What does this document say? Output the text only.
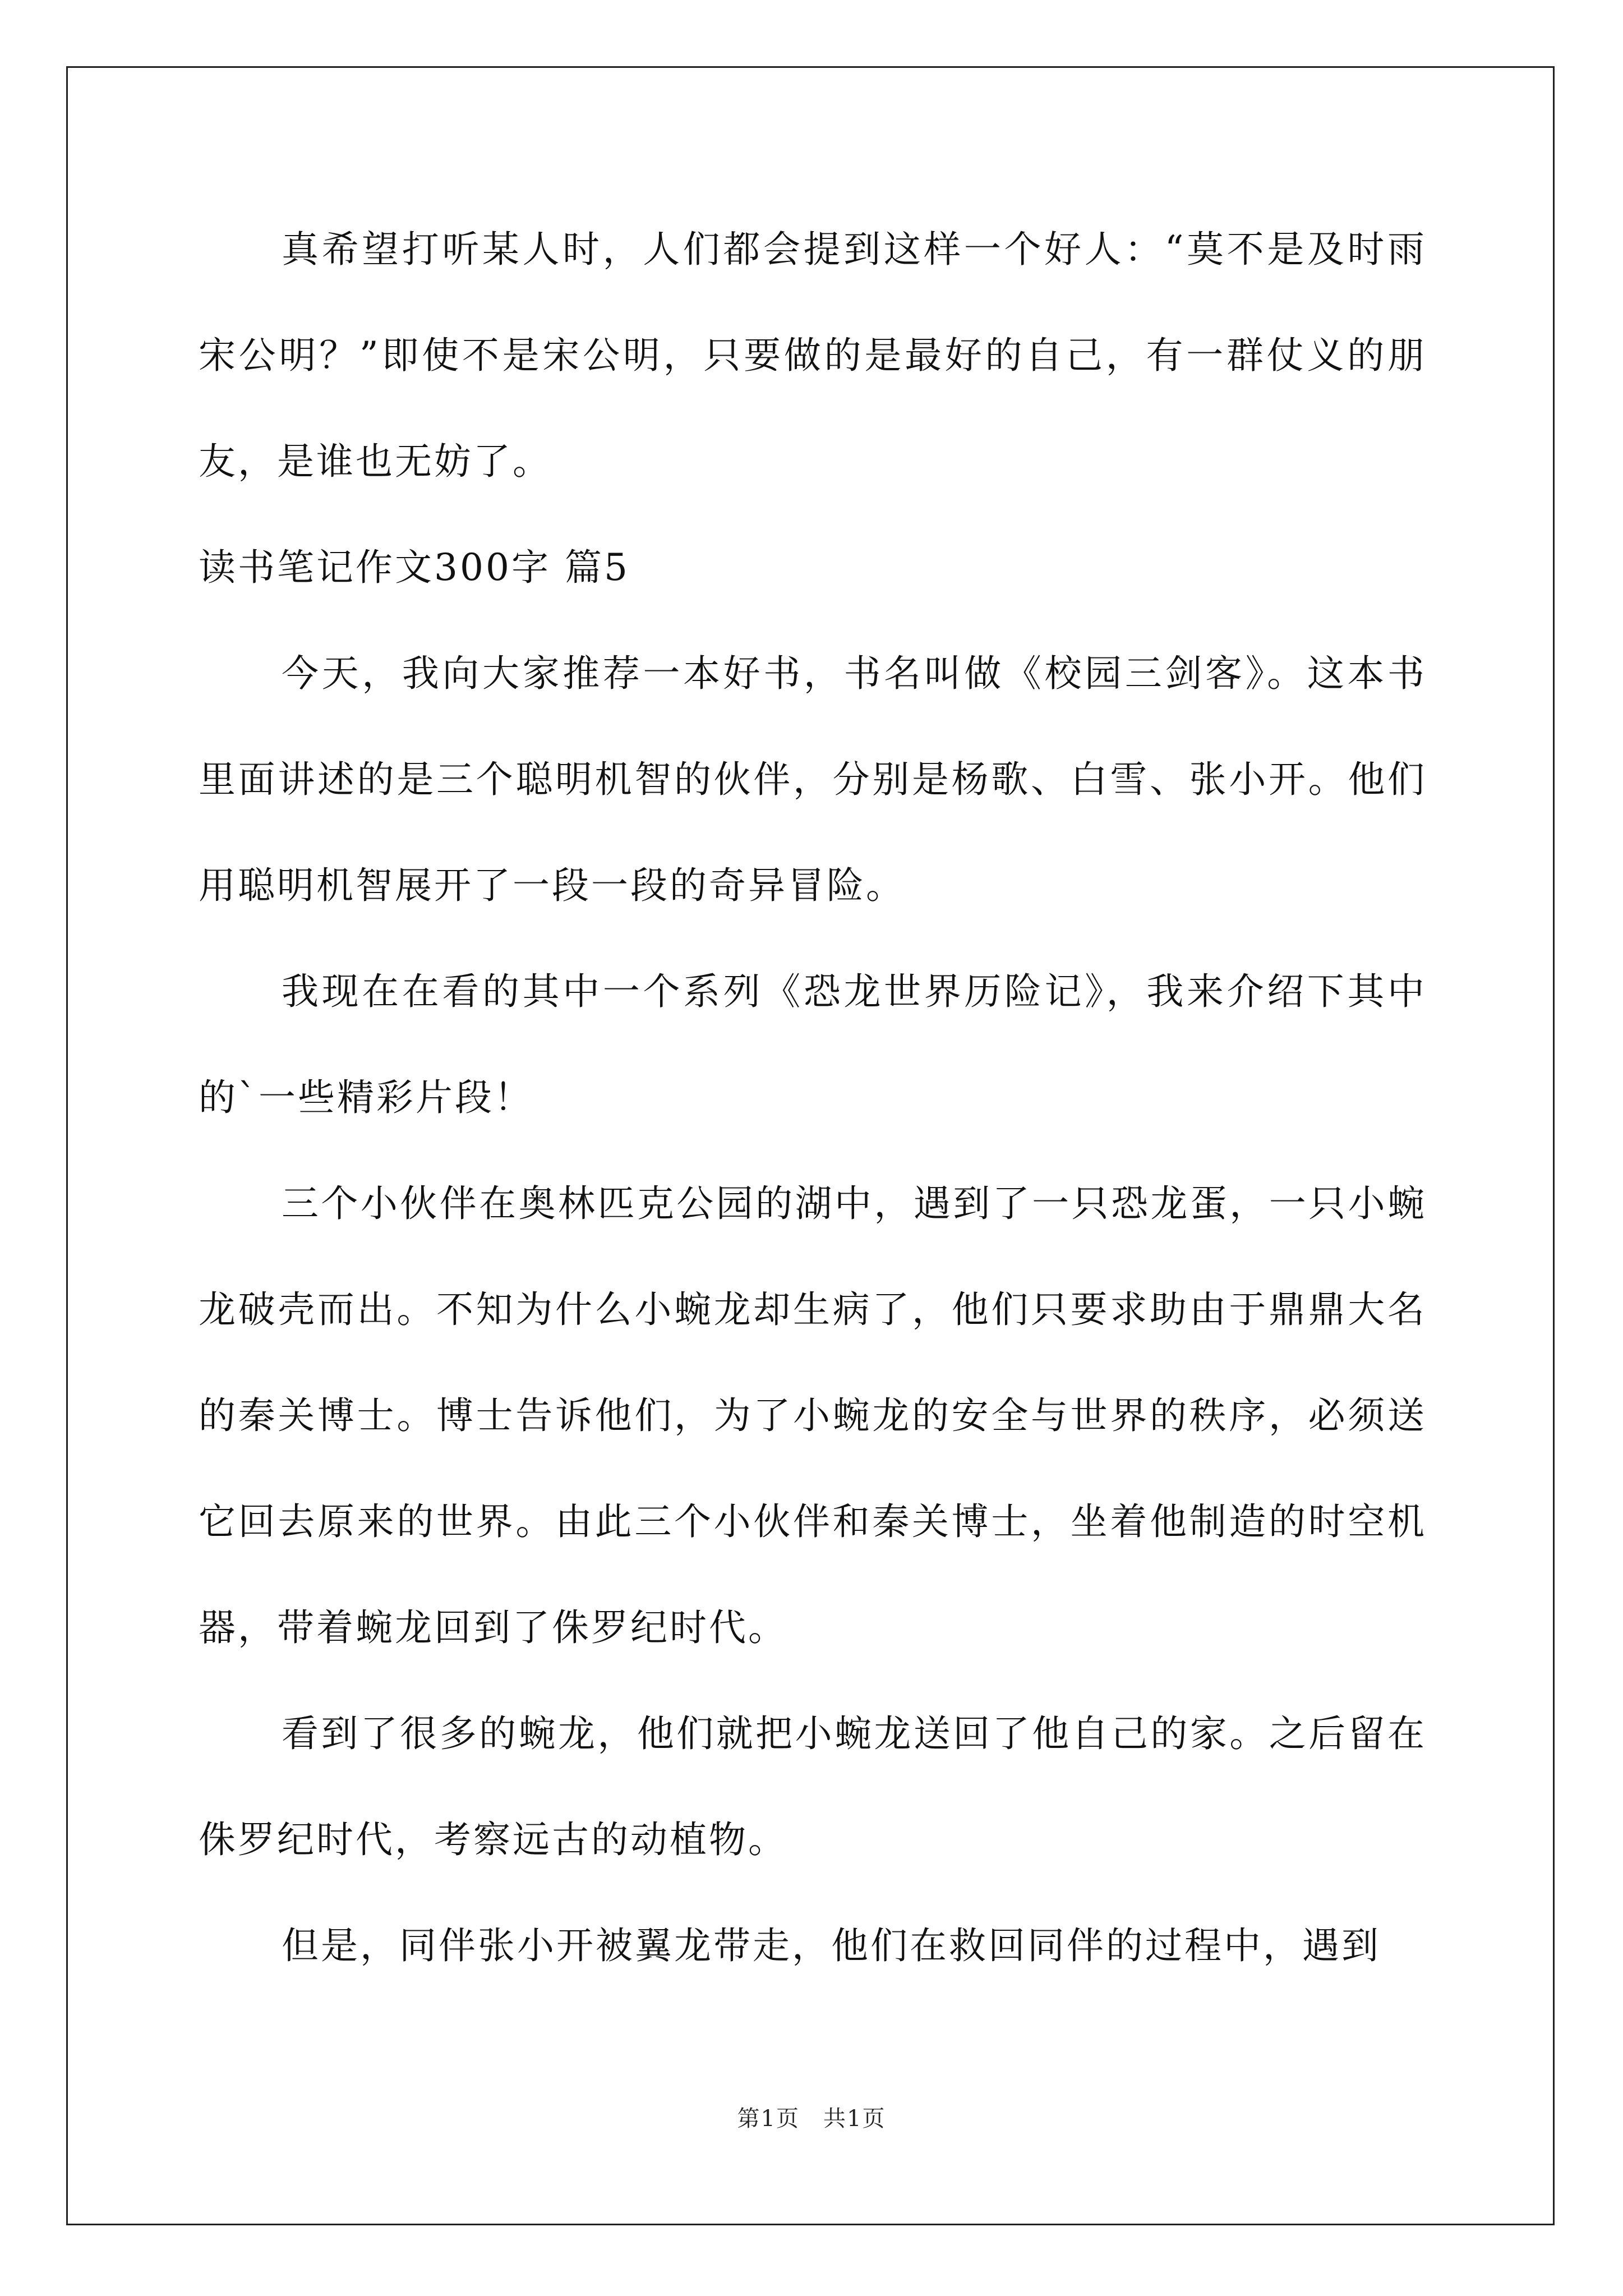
真希望打听某人时，人们都会提到这样一个好人：“莫不是及时雨宋公明？”即使不是宋公明，只要做的是最好的自己，有一群仗义的朋友，是谁也无妨了。

读书笔记作文300字 篇5

今天，我向大家推荐一本好书，书名叫做《校园三剑客》。这本书里面讲述的是三个聪明机智的伙伴，分别是杨歌、白雪、张小开。他们用聪明机智展开了一段一段的奇异冒险。

我现在在看的其中一个系列《恐龙世界历险记》，我来介绍下其中的`一些精彩片段！

三个小伙伴在奥林匹克公园的湖中，遇到了一只恐龙蛋，一只小蜿龙破壳而出。不知为什么小蜿龙却生病了，他们只要求助由于鼎鼎大名的秦关博士。博士告诉他们，为了小蜿龙的安全与世界的秩序，必须送它回去原来的世界。由此三个小伙伴和秦关博士，坐着他制造的时空机器，带着蜿龙回到了侏罗纪时代。

看到了很多的蜿龙，他们就把小蜿龙送回了他自己的家。之后留在侏罗纪时代，考察远古的动植物。

但是，同伴张小开被翼龙带走，他们在救回同伴的过程中，遇到

第1页　共1页
